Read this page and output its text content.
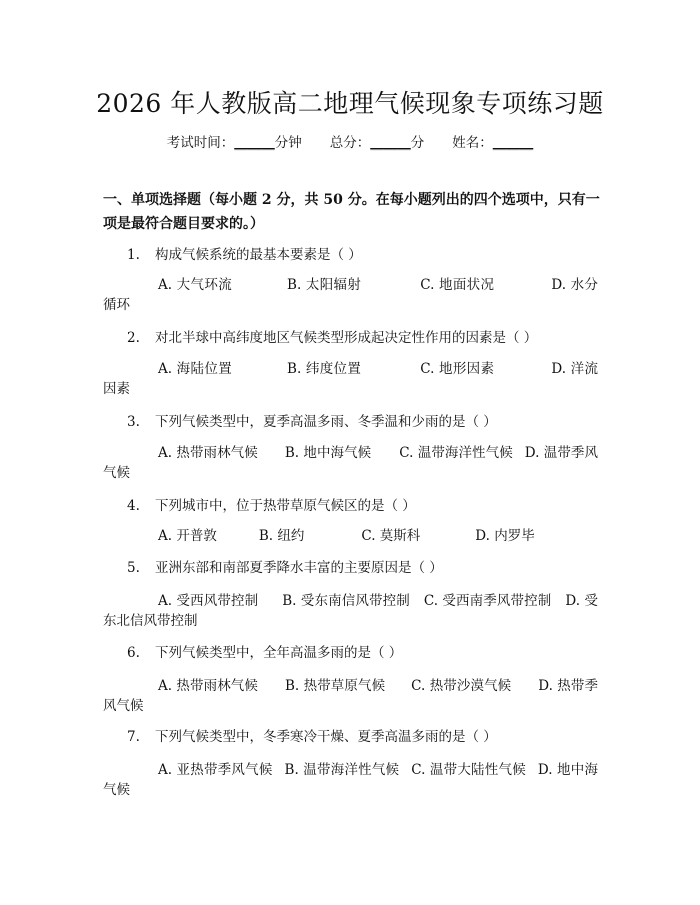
2026 年人教版高二地理气候现象专项练习题
考试时间：______分钟 总分：______分 姓名：______
一、单项选择题（每小题 2 分，共 50 分。在每小题列出的四个选项中，只有一项是最符合题目要求的。）
1. 构成气候系统的最基本要素是（ ）
A. 大气环流	B. 太阳辐射	C. 地面状况	D. 水分循环
2. 对北半球中高纬度地区气候类型形成起决定性作用的因素是（ ）
A. 海陆位置	B. 纬度位置	C. 地形因素	D. 洋流因素
3. 下列气候类型中，夏季高温多雨、冬季温和少雨的是（ ）
A. 热带雨林气候 B. 地中海气候 C. 温带海洋性气候 D. 温带季风气候
4. 下列城市中，位于热带草原气候区的是（ ）
A. 开普敦	B. 纽约	C. 莫斯科	D. 内罗毕
5. 亚洲东部和南部夏季降水丰富的主要原因是（ ）
A. 受西风带控制 B. 受东南信风带控制 C. 受西南季风带控制 D. 受东北信风带控制
6. 下列气候类型中，全年高温多雨的是（ ）
A. 热带雨林气候 B. 热带草原气候 C. 热带沙漠气候 D. 热带季风气候
7. 下列气候类型中，冬季寒冷干燥、夏季高温多雨的是（ ）
A. 亚热带季风气候 B. 温带海洋性气候 C. 温带大陆性气候 D. 地中海气候
